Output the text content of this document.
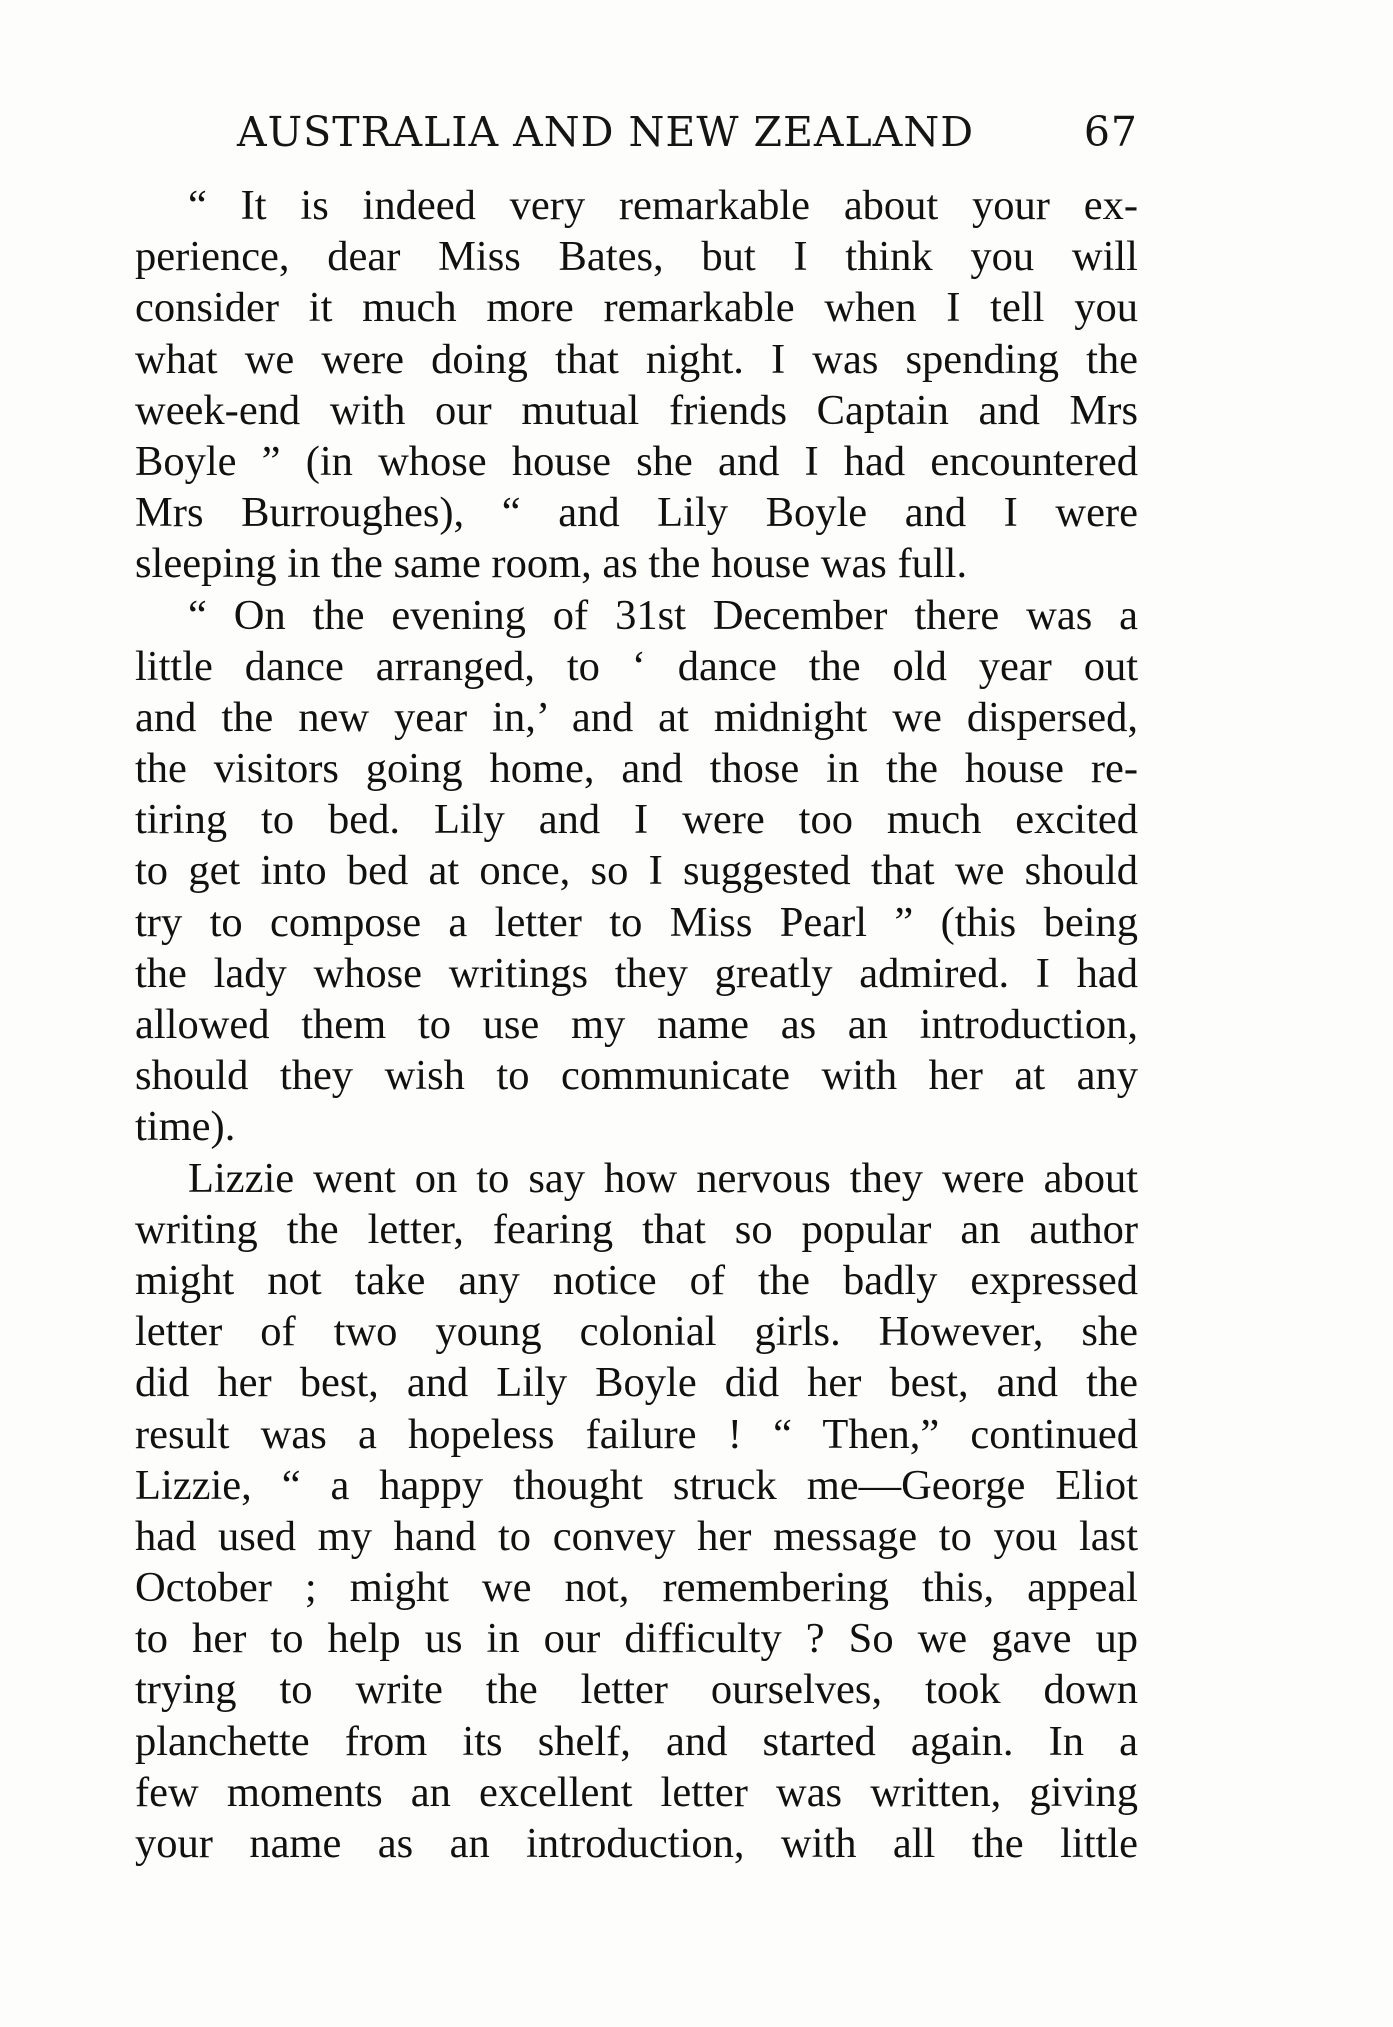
AUSTRALIA AND NEW ZEALAND	67
“ It is indeed very remarkable about your ex-
perience, dear Miss Bates, but I think you will
consider it much more remarkable when I tell you
what we were doing that night. I was spending the
week-end with our mutual friends Captain and Mrs
Boyle ” (in whose house she and I had encountered
Mrs Burroughes), “ and Lily Boyle and I were
sleeping in the same room, as the house was full.
“ On the evening of 31st December there was a
little dance arranged, to ‘ dance the old year out
and the new year in,’ and at midnight we dispersed,
the visitors going home, and those in the house re-
tiring to bed. Lily and I were too much excited
to get into bed at once, so I suggested that we should
try to compose a letter to Miss Pearl ” (this being
the lady whose writings they greatly admired. I had
allowed them to use my name as an introduction,
should they wish to communicate with her at any
time).
Lizzie went on to say how nervous they were about
writing the letter, fearing that so popular an author
might not take any notice of the badly expressed
letter of two young colonial girls. However, she
did her best, and Lily Boyle did her best, and the
result was a hopeless failure ! “ Then,” continued
Lizzie, “ a happy thought struck me—George Eliot
had used my hand to convey her message to you last
October ; might we not, remembering this, appeal
to her to help us in our difficulty ? So we gave up
trying to write the letter ourselves, took down
planchette from its shelf, and started again. In a
few moments an excellent letter was written, giving
your name as an introduction, with all the little
